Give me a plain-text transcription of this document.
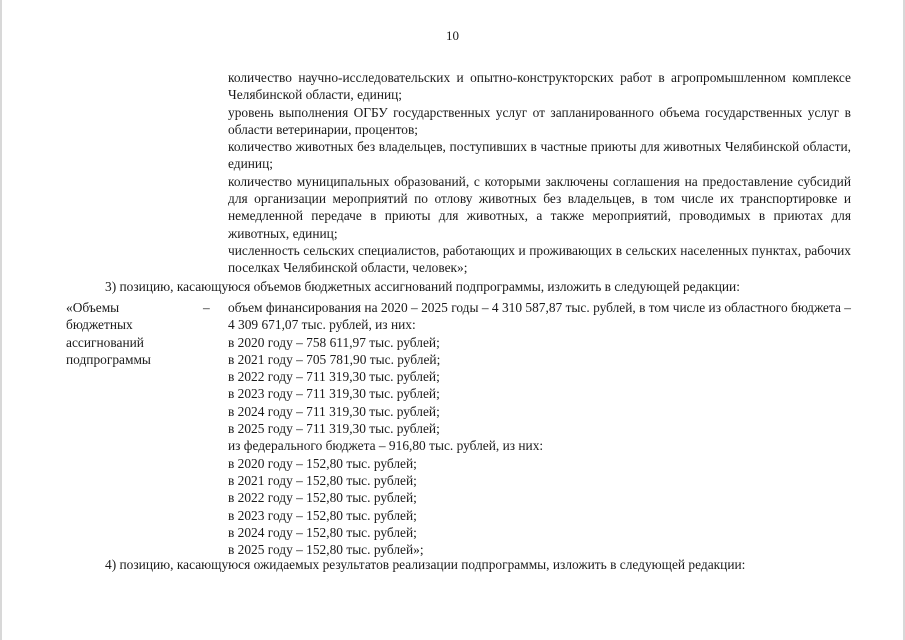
10
количество научно-исследовательских и опытно-конструкторских работ в агропромышленном комплексе Челябинской области, единиц;
уровень выполнения ОГБУ государственных услуг от запланированного объема государственных услуг в области ветеринарии, процентов;
количество животных без владельцев, поступивших в частные приюты для животных Челябинской области, единиц;
количество муниципальных образований, с которыми заключены соглашения на предоставление субсидий для организации мероприятий по отлову животных без владельцев, в том числе их транспортировке и немедленной передаче в приюты для животных, а также мероприятий, проводимых в приютах для животных, единиц;
численность сельских специалистов, работающих и проживающих в сельских населенных пунктах, рабочих поселках Челябинской области, человек»;
3) позицию, касающуюся объемов бюджетных ассигнований подпрограммы, изложить в следующей редакции:
«Объемы
бюджетных
ассигнований
подпрограммы
– объем финансирования на 2020 – 2025 годы – 4 310 587,87 тыс. рублей, в том числе из областного бюджета – 4 309 671,07 тыс. рублей, из них:
в 2020 году – 758 611,97 тыс. рублей;
в 2021 году – 705 781,90 тыс. рублей;
в 2022 году – 711 319,30 тыс. рублей;
в 2023 году – 711 319,30 тыс. рублей;
в 2024 году – 711 319,30 тыс. рублей;
в 2025 году – 711 319,30 тыс. рублей;
из федерального бюджета – 916,80 тыс. рублей, из них:
в 2020 году – 152,80 тыс. рублей;
в 2021 году – 152,80 тыс. рублей;
в 2022 году – 152,80 тыс. рублей;
в 2023 году – 152,80 тыс. рублей;
в 2024 году – 152,80 тыс. рублей;
в 2025 году – 152,80 тыс. рублей»;
4) позицию, касающуюся ожидаемых результатов реализации подпрограммы, изложить в следующей редакции:
